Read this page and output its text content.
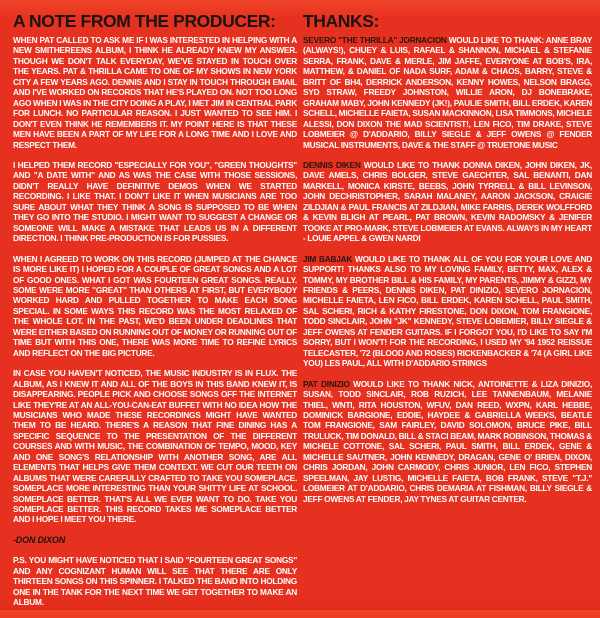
A NOTE FROM THE PRODUCER:

WHEN PAT CALLED TO ASK ME IF I WAS INTERESTED IN HELPING WITH A NEW SMITHEREENS ALBUM, I THINK HE ALREADY KNEW MY ANSWER. THOUGH WE DON'T TALK EVERYDAY, WE'VE STAYED IN TOUCH OVER THE YEARS. PAT & THRILLA CAME TO ONE OF MY SHOWS IN NEW YORK CITY A FEW YEARS AGO. DENNIS AND I STAY IN TOUCH THROUGH EMAIL AND I'VE WORKED ON RECORDS THAT HE'S PLAYED ON. NOT TOO LONG AGO WHEN I WAS IN THE CITY DOING A PLAY, I MET JIM IN CENTRAL PARK FOR LUNCH. NO PARTICULAR REASON. I JUST WANTED TO SEE HIM. I DON'T EVEN THINK HE REMEMBERS IT. MY POINT HERE IS THAT THESE MEN HAVE BEEN A PART OF MY LIFE FOR A LONG TIME AND I LOVE AND RESPECT THEM.

I HELPED THEM RECORD "ESPECIALLY FOR YOU", "GREEN THOUGHTS" AND "A DATE WITH" AND AS WAS THE CASE WITH THOSE SESSIONS, DIDN'T REALLY HAVE DEFINITIVE DEMOS WHEN WE STARTED RECORDING. I LIKE THAT. I DON'T LIKE IT WHEN MUSICIANS ARE TOO SURE ABOUT WHAT THEY THINK A SONG IS SUPPOSED TO BE WHEN THEY GO INTO THE STUDIO. I MIGHT WANT TO SUGGEST A CHANGE OR SOMEONE WILL MAKE A MISTAKE THAT LEADS US IN A DIFFERENT DIRECTION. I THINK PRE-PRODUCTION IS FOR PUSSIES.

WHEN I AGREED TO WORK ON THIS RECORD (JUMPED AT THE CHANCE IS MORE LIKE IT) I HOPED FOR A COUPLE OF GREAT SONGS AND A LOT OF GOOD ONES. WHAT I GOT WAS FOURTEEN GREAT SONGS. REALLY. SOME WERE MORE "GREAT" THAN OTHERS AT FIRST, BUT EVERYBODY WORKED HARD AND PULLED TOGETHER TO MAKE EACH SONG SPECIAL. IN SOME WAYS THIS RECORD WAS THE MOST RELAXED OF THE WHOLE LOT. IN THE PAST, WE'D BEEN UNDER DEADLINES THAT WERE EITHER BASED ON RUNNING OUT OF MONEY OR RUNNING OUT OF TIME BUT WITH THIS ONE, THERE WAS MORE TIME TO REFINE LYRICS AND REFLECT ON THE BIG PICTURE.

IN CASE YOU HAVEN'T NOTICED, THE MUSIC INDUSTRY IS IN FLUX. THE ALBUM, AS I KNEW IT AND ALL OF THE BOYS IN THIS BAND KNEW IT, IS DISAPPEARING. PEOPLE PICK AND CHOOSE SONGS OFF THE INTERNET LIKE THEY'RE AT AN ALL-YOU-CAN-EAT BUFFET WITH NO IDEA HOW THE MUSICIANS WHO MADE THESE RECORDINGS MIGHT HAVE WANTED THEM TO BE HEARD. THERE'S A REASON THAT FINE DINING HAS A SPECIFIC SEQUENCE TO THE PRESENTATION OF THE DIFFERENT COURSES AND WITH MUSIC, THE COMBINATION OF TEMPO, MOOD, KEY AND ONE SONG'S RELATIONSHIP WITH ANOTHER SONG, ARE ALL ELEMENTS THAT HELPS GIVE THEM CONTEXT. WE CUT OUR TEETH ON ALBUMS THAT WERE CAREFULLY CRAFTED TO TAKE YOU SOMEPLACE. SOMEPLACE MORE INTERESTING THAN YOUR SHITTY LIFE AT SCHOOL. SOMEPLACE BETTER. THAT'S ALL WE EVER WANT TO DO. TAKE YOU SOMEPLACE BETTER. THIS RECORD TAKES ME SOMEPLACE BETTER AND I HOPE I MEET YOU THERE.

-DON DIXON

P.S. YOU MIGHT HAVE NOTICED THAT I SAID "FOURTEEN GREAT SONGS" AND ANY COGNIZANT HUMAN WILL SEE THAT THERE ARE ONLY THIRTEEN SONGS ON THIS SPINNER. I TALKED THE BAND INTO HOLDING ONE IN THE TANK FOR THE NEXT TIME WE GET TOGETHER TO MAKE AN ALBUM.

THANKS:

SEVERO "THE THRILLA" JORNACION WOULD LIKE TO THANK: ANNE BRAY (ALWAYS!), CHUEY & LUIS, RAFAEL & SHANNON, MICHAEL & STEFANIE SERRA, FRANK, DAVE & MERLE, JIM JAFFE, EVERYONE AT BOB'S, IRA, MATTHEW, & DANIEL OF NADA SURF, ADAM & CHAOS, BARRY, STEVE & BRITT OF BH4, DERRICK ANDERSON, KENNY HOWES, NELSON BRAGG, SYD STRAW, FREEDY JOHNSTON, WILLIE ARON, DJ BONEBRAKE, GRAHAM MABY, JOHN KENNEDY (JK!), PAULIE SMITH, BILL ERDEK, KAREN SCHELL, MICHELLE FAIETA, SUSAN MACKINNON, LISA TIMMONS, MICHELE ALESSI, DON DIXON THE MAD SCIENTIST!, LEN FICO, TIM DRAKE, STEVE LOBMEIER @ D'ADDARIO, BILLY SIEGLE & JEFF OWENS @ FENDER MUSICAL INSTRUMENTS, DAVE & THE STAFF @ TRUETONE MUSIC

DENNIS DIKEN WOULD LIKE TO THANK DONNA DIKEN, JOHN DIKEN, JK, DAVE AMELS, CHRIS BOLGER, STEVE GAECHTER, SAL BENANTI, DAN MARKELL, MONICA KIRSTE, BEEBS, JOHN TYRRELL & BILL LEVINSON, JOHN DECHRISTOPHER, SARAH MALANEY, AARON JACKSON, CRAIGIE ZILDJIAN & PAUL FRANCIS AT ZILDJIAN, MIKE FARRIS, DEREK WOLFFORD & KEVIN BLIGH AT PEARL, PAT BROWN, KEVIN RADOMSKY & JENIFER TOOKE AT PRO-MARK, STEVE LOBMEIER AT EVANS. ALWAYS IN MY HEART - LOUIE APPEL & GWEN NARDI

JIM BABJAK WOULD LIKE TO THANK ALL OF YOU FOR YOUR LOVE AND SUPPORT! THANKS ALSO TO MY LOVING FAMILY, BETTY, MAX, ALEX & TOMMY, MY BROTHER BILL & HIS FAMILY, MY PARENTS, JIMMY & GIZZI, MY FRIENDS & PEERS, DENNIS DIKEN, PAT DINIZIO, SEVERO JORNACION, MICHELLE FAIETA, LEN FICO, BILL ERDEK, KAREN SCHELL, PAUL SMITH, SAL SCHERI, RICH & KATHY FIRESTONE, DON DIXON, TOM FRANGIONE, TODD SINCLAIR, JOHN "JK" KENNEDY, STEVE LOBEMIER, BILLY SIEGLE & JEFF OWENS AT FENDER GUITARS. IF I FORGOT YOU, I'D LIKE TO SAY I'M SORRY, BUT I WON'T! FOR THE RECORDING, I USED MY '94 1952 REISSUE TELECASTER, '72 (BLOOD AND ROSES) RICKENBACKER & '74 (A GIRL LIKE YOU) LES PAUL, ALL WITH D'ADDARIO STRINGS

PAT DINIZIO WOULD LIKE TO THANK NICK, ANTOINETTE & LIZA DINIZIO, SUSAN, TODD SINCLAIR, ROB RUZICH, LEE TANNENBAUM, MELANIE THIEL, WNTI, RITA HOUSTON, WFUV, DAN REED, WXPN, KARL HEBBE, DOMINICK BARGIONE, EDDIE, HAYDEE & GABRIELLA WEEKS, BEATLE TOM FRANGIONE, SAM FAIRLEY, DAVID SOLOMON, BRUCE PIKE, BILL TRULUCK, TIM DONALD, BILL & STACI BEAM, MARK ROBINSON, THOMAS & MICHELE COTTONE, SAL SCHERI, PAUL SMITH, BILL ERDEK, GENE & MICHELLE SAUTNER, JOHN KENNEDY, DRAGAN, GENE O' BRIEN, DIXON, CHRIS JORDAN, JOHN CARMODY, CHRIS JUNIOR, LEN FICO, STEPHEN SPEELMAN, JAY LUSTIG, MICHELLE FAIETA, BOB FRANK, STEVE "T.J." LOBMEIER AT D'ADDARIO, CHRIS DEMARIA AT FISHMAN, BILLY SIEGLE & JEFF OWENS AT FENDER, JAY TYNES AT GUITAR CENTER.
